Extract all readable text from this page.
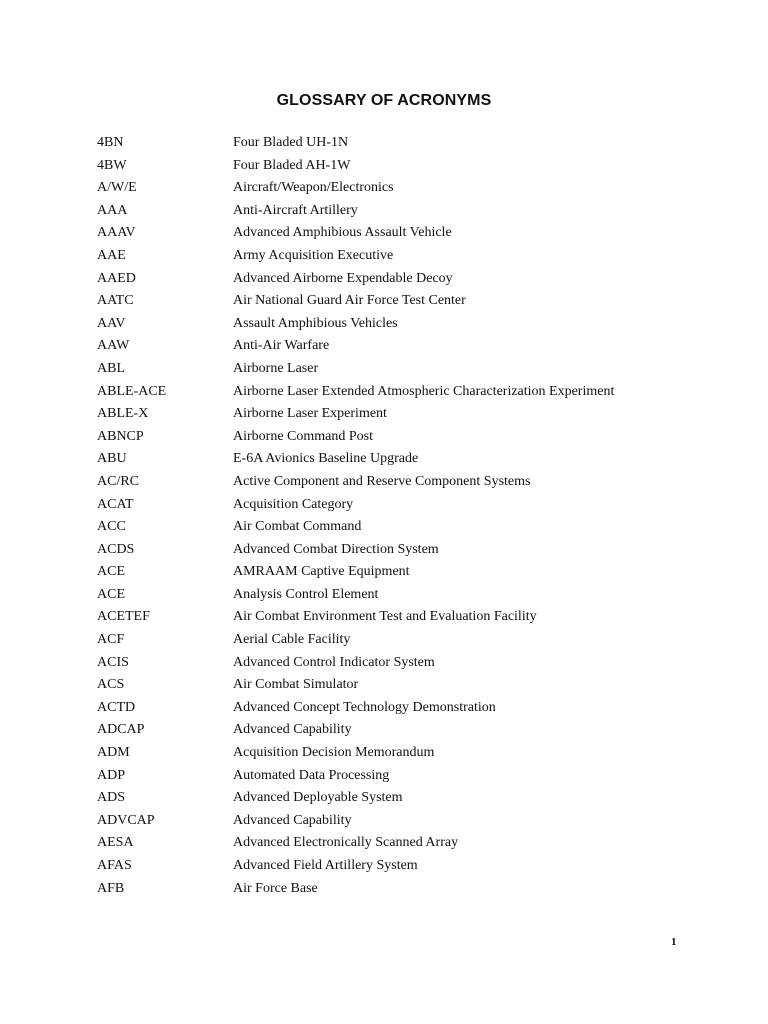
GLOSSARY OF ACRONYMS
4BN	Four Bladed UH-1N
4BW	Four Bladed AH-1W
A/W/E	Aircraft/Weapon/Electronics
AAA	Anti-Aircraft Artillery
AAAV	Advanced Amphibious Assault Vehicle
AAE	Army Acquisition Executive
AAED	Advanced Airborne Expendable Decoy
AATC	Air National Guard Air Force Test Center
AAV	Assault Amphibious Vehicles
AAW	Anti-Air Warfare
ABL	Airborne Laser
ABLE-ACE	Airborne Laser Extended Atmospheric Characterization Experiment
ABLE-X	Airborne Laser Experiment
ABNCP	Airborne Command Post
ABU	E-6A Avionics Baseline Upgrade
AC/RC	Active Component and Reserve Component Systems
ACAT	Acquisition Category
ACC	Air Combat Command
ACDS	Advanced Combat Direction System
ACE	AMRAAM Captive Equipment
ACE	Analysis Control Element
ACETEF	Air Combat Environment Test and Evaluation Facility
ACF	Aerial Cable Facility
ACIS	Advanced Control Indicator System
ACS	Air Combat Simulator
ACTD	Advanced Concept Technology Demonstration
ADCAP	Advanced Capability
ADM	Acquisition Decision Memorandum
ADP	Automated Data Processing
ADS	Advanced Deployable System
ADVCAP	Advanced Capability
AESA	Advanced Electronically Scanned Array
AFAS	Advanced Field Artillery System
AFB	Air Force Base
1
